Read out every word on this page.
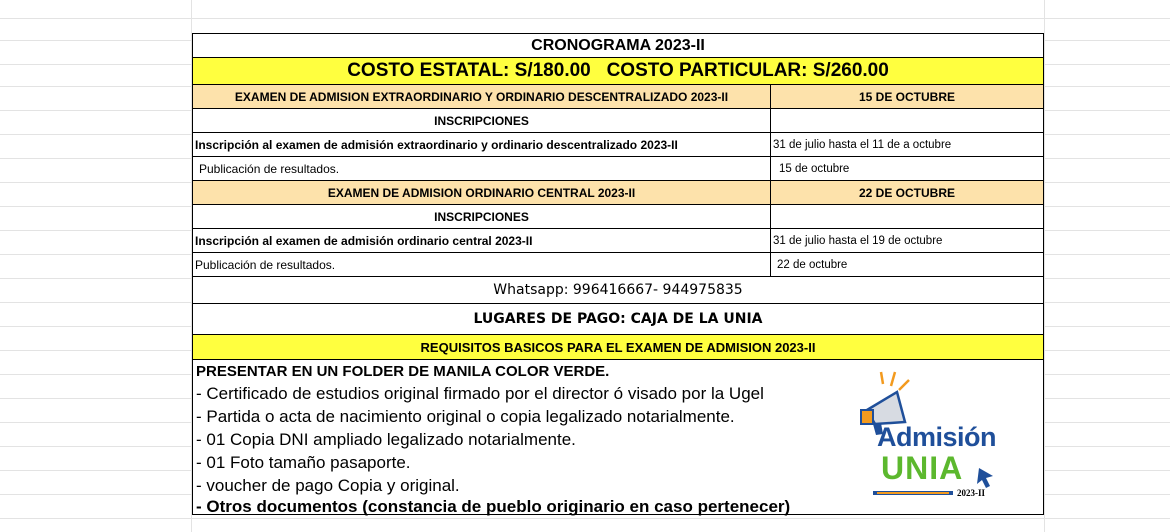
CRONOGRAMA 2023-II
COSTO ESTATAL: S/180.00   COSTO PARTICULAR: S/260.00
EXAMEN DE ADMISION EXTRAORDINARIO Y ORDINARIO DESCENTRALIZADO 2023-II	15 DE OCTUBRE
INSCRIPCIONES
Inscripción al examen de admisión extraordinario y ordinario descentralizado 2023-II	31 de julio hasta el 11 de a octubre
Publicación de resultados.	15 de octubre
EXAMEN DE ADMISION ORDINARIO CENTRAL 2023-II	22 DE OCTUBRE
INSCRIPCIONES
Inscripción al examen de admisión ordinario central 2023-II	31 de julio hasta el 19 de octubre
Publicación de resultados.	22 de octubre
Whatsapp: 996416667- 944975835
LUGARES DE PAGO: CAJA DE LA UNIA
REQUISITOS BASICOS PARA EL EXAMEN DE ADMISION 2023-II
PRESENTAR EN UN FOLDER DE MANILA COLOR VERDE.
- Certificado de estudios original firmado por el director ó visado por la Ugel
- Partida o acta de nacimiento original o copia legalizado notarialmente.
- 01 Copia DNI ampliado legalizado notarialmente.
- 01 Foto tamaño pasaporte.
- voucher de pago Copia y original.
- Otros documentos (constancia de pueblo originario en caso pertenecer)
Admisión
UNIA
2023-II
